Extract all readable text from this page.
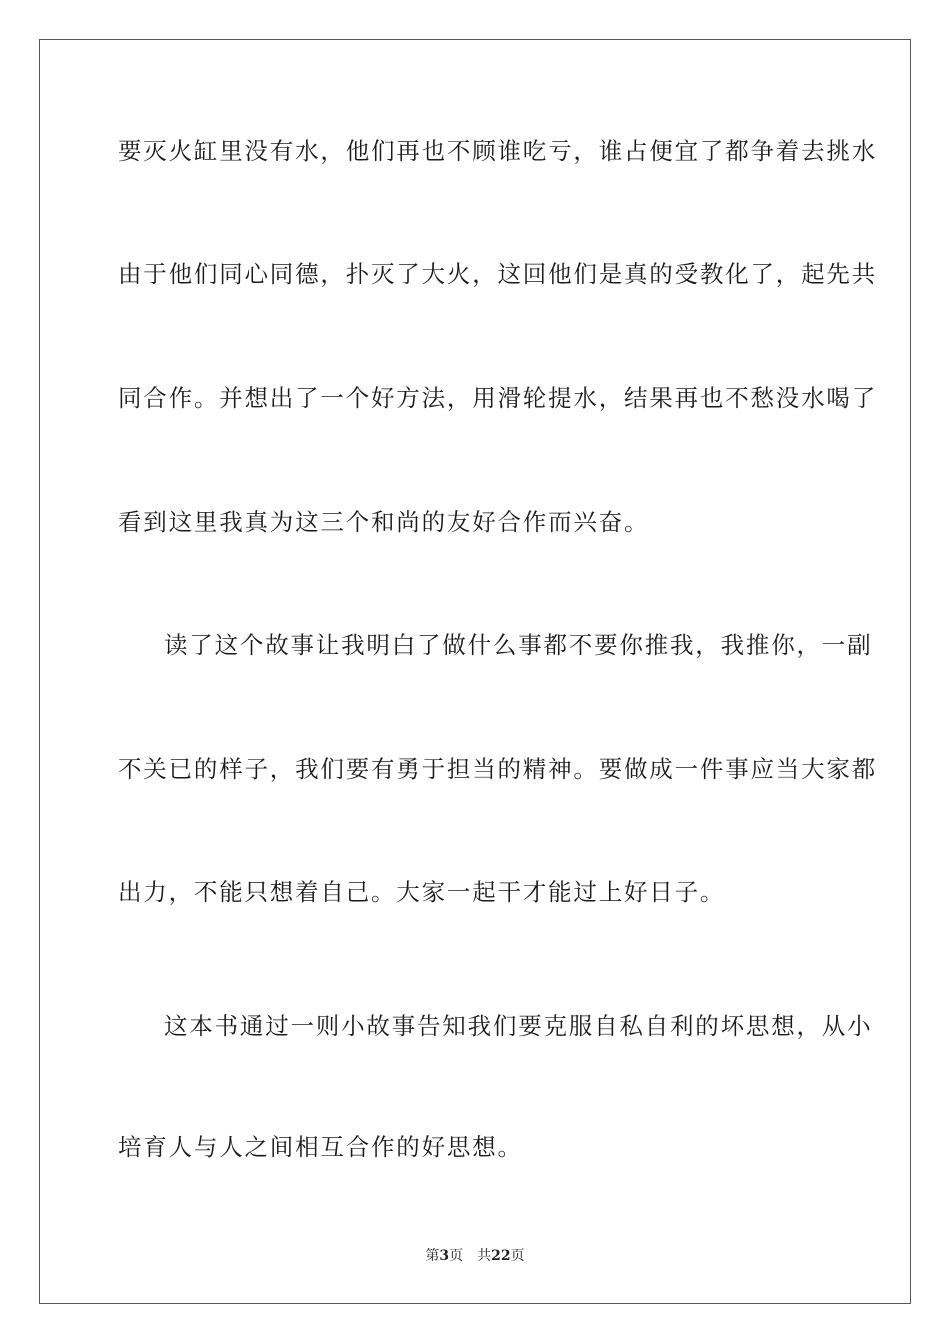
要灭火缸里没有水，他们再也不顾谁吃亏，谁占便宜了都争着去挑水
由于他们同心同德，扑灭了大火，这回他们是真的受教化了，起先共
同合作。并想出了一个好方法，用滑轮提水，结果再也不愁没水喝了
看到这里我真为这三个和尚的友好合作而兴奋。
读了这个故事让我明白了做什么事都不要你推我，我推你，一副
不关已的样子，我们要有勇于担当的精神。要做成一件事应当大家都
出力，不能只想着自己。大家一起干才能过上好日子。
这本书通过一则小故事告知我们要克服自私自利的坏思想，从小
培育人与人之间相互合作的好思想。
第3页 共22页
